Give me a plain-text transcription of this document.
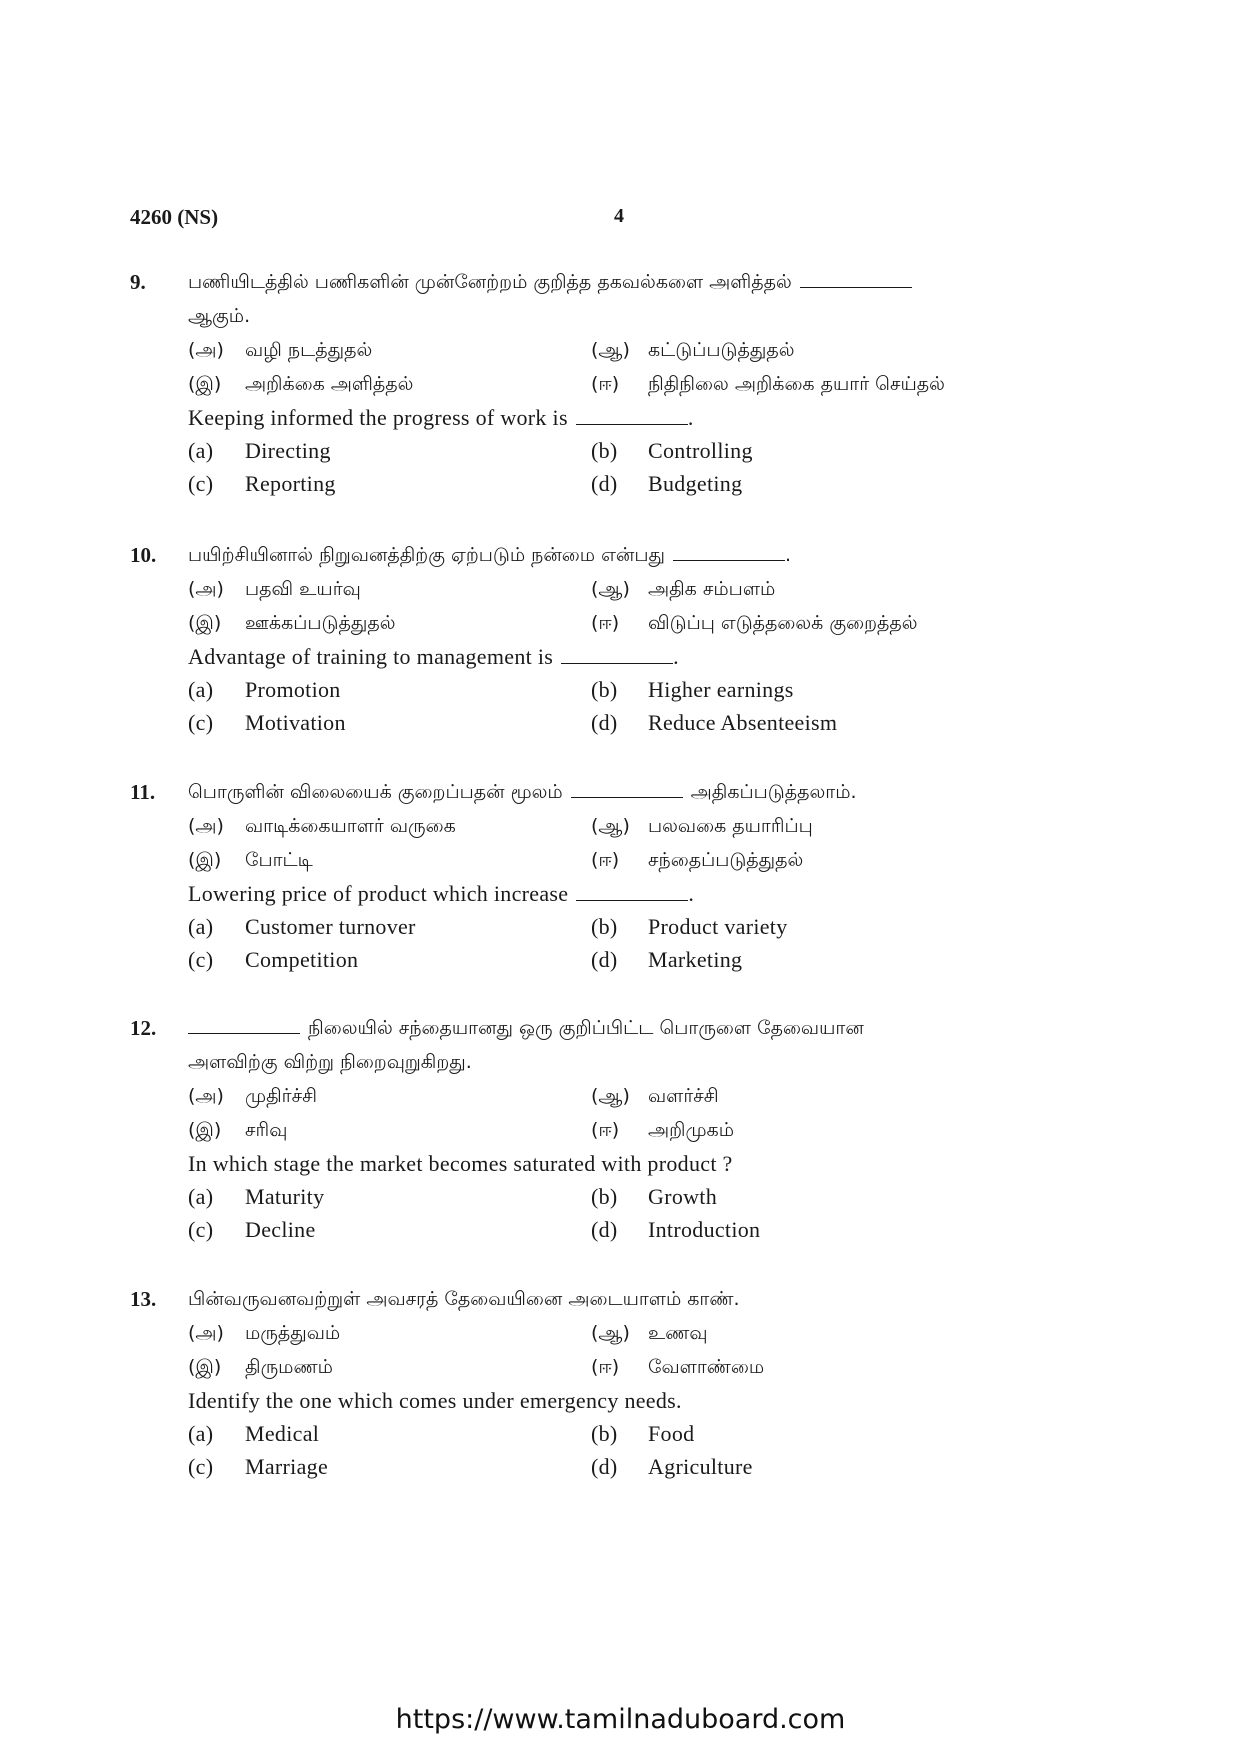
4260 (NS)	4
9.	பணியிடத்தில் பணிகளின் முன்னேற்றம் குறித்த தகவல்களை அளித்தல்
ஆகும்.
(அ)	வழி நடத்துதல்	(ஆ) கட்டுப்படுத்துதல்
(இ)	அறிக்கை அளித்தல்	(ஈ)	நிதிநிலை அறிக்கை தயார் செய்தல்
Keeping informed the progress of work is	.
(a)	Directing	(b)	Controlling
(c)	Reporting	(d)	Budgeting
10.	பயிற்சியினால் நிறுவனத்திற்கு ஏற்படும் நன்மை என்பது	.
(அ)	பதவி உயர்வு	(ஆ) அதிக சம்பளம்
(இ)	ஊக்கப்படுத்துதல்	(ஈ)	விடுப்பு எடுத்தலைக் குறைத்தல்
Advantage of training to management is	.
(a)	Promotion	(b)	Higher earnings
(c)	Motivation	(d)	Reduce Absenteeism
11.	பொருளின் விலையைக் குறைப்பதன் மூலம்	அதிகப்படுத்தலாம்.
(அ)	வாடிக்கையாளர் வருகை	(ஆ) பலவகை தயாரிப்பு
(இ)	போட்டி	(ஈ)	சந்தைப்படுத்துதல்
Lowering price of product which increase	.
(a)	Customer turnover	(b)	Product variety
(c)	Competition	(d)	Marketing
12.	நிலையில் சந்தையானது ஒரு குறிப்பிட்ட பொருளை தேவையான
அளவிற்கு விற்று நிறைவுறுகிறது.
(அ)	முதிர்ச்சி	(ஆ) வளர்ச்சி
(இ)	சரிவு	(ஈ)	அறிமுகம்
In which stage the market becomes saturated with product ?
(a)	Maturity	(b)	Growth
(c)	Decline	(d)	Introduction
13.	பின்வருவனவற்றுள் அவசரத் தேவையினை அடையாளம் காண்.
(அ)	மருத்துவம்	(ஆ) உணவு
(இ)	திருமணம்	(ஈ)	வேளாண்மை
Identify the one which comes under emergency needs.
(a)	Medical	(b)	Food
(c)	Marriage	(d)	Agriculture
https://www.tamilnaduboard.com
